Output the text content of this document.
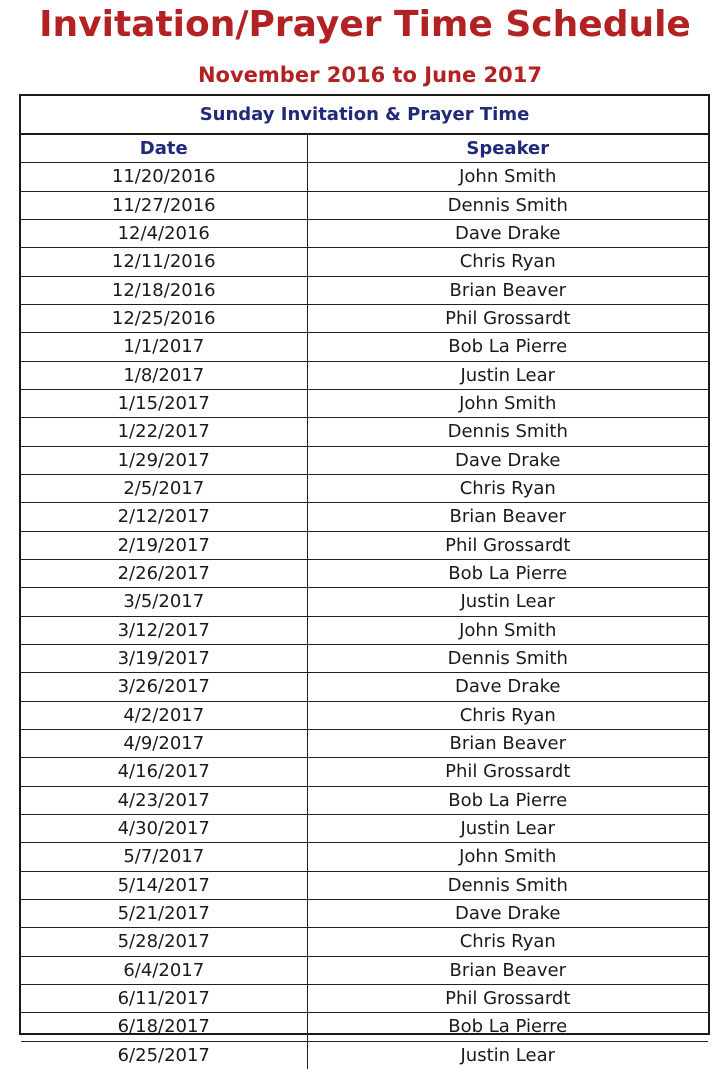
Invitation/Prayer Time Schedule
November 2016 to June 2017
Sunday Invitation & Prayer Time
Date	Speaker
11/20/2016	John Smith
11/27/2016	Dennis Smith
12/4/2016	Dave Drake
12/11/2016	Chris Ryan
12/18/2016	Brian Beaver
12/25/2016	Phil Grossardt
1/1/2017	Bob La Pierre
1/8/2017	Justin Lear
1/15/2017	John Smith
1/22/2017	Dennis Smith
1/29/2017	Dave Drake
2/5/2017	Chris Ryan
2/12/2017	Brian Beaver
2/19/2017	Phil Grossardt
2/26/2017	Bob La Pierre
3/5/2017	Justin Lear
3/12/2017	John Smith
3/19/2017	Dennis Smith
3/26/2017	Dave Drake
4/2/2017	Chris Ryan
4/9/2017	Brian Beaver
4/16/2017	Phil Grossardt
4/23/2017	Bob La Pierre
4/30/2017	Justin Lear
5/7/2017	John Smith
5/14/2017	Dennis Smith
5/21/2017	Dave Drake
5/28/2017	Chris Ryan
6/4/2017	Brian Beaver
6/11/2017	Phil Grossardt
6/18/2017	Bob La Pierre
6/25/2017	Justin Lear
